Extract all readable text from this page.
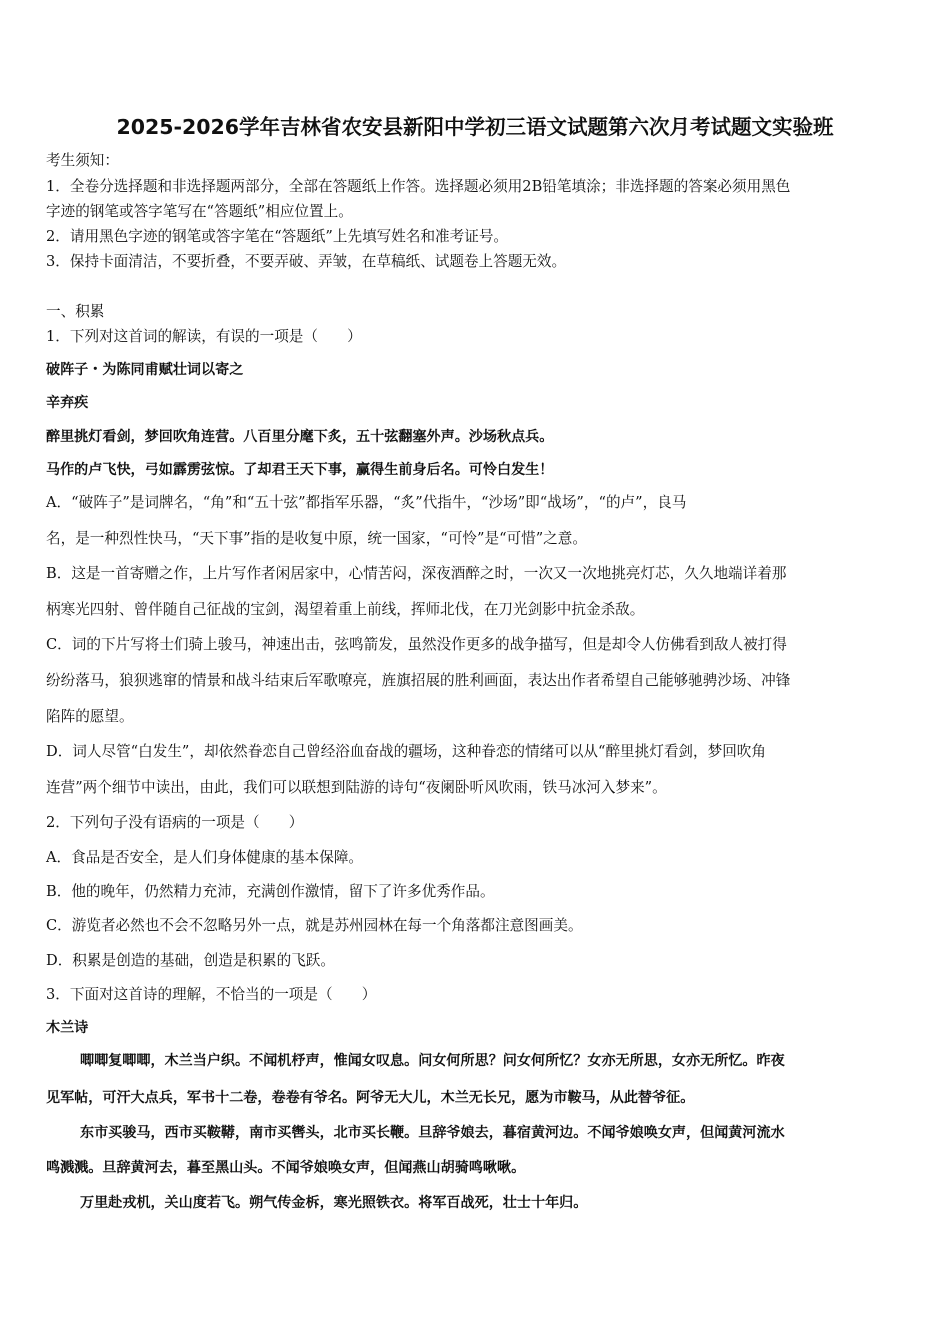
2025-2026学年吉林省农安县新阳中学初三语文试题第六次月考试题文实验班
考生须知：
1．全卷分选择题和非选择题两部分，全部在答题纸上作答。选择题必须用2B铅笔填涂；非选择题的答案必须用黑色
字迹的钢笔或答字笔写在“答题纸”相应位置上。
2．请用黑色字迹的钢笔或答字笔在“答题纸”上先填写姓名和准考证号。
3．保持卡面清洁，不要折叠，不要弄破、弄皱，在草稿纸、试题卷上答题无效。
一、积累
1．下列对这首词的解读，有误的一项是（　　）
破阵子・为陈同甫赋壮词以寄之
辛弃疾
醉里挑灯看剑，梦回吹角连营。八百里分麾下炙，五十弦翻塞外声。沙场秋点兵。
马作的卢飞快，弓如霹雳弦惊。了却君王天下事，赢得生前身后名。可怜白发生！
A．“破阵子”是词牌名，“角”和“五十弦”都指军乐器，“炙”代指牛，“沙场”即“战场”，“的卢”，良马
名，是一种烈性快马，“天下事”指的是收复中原，统一国家，“可怜”是“可惜”之意。
B．这是一首寄赠之作，上片写作者闲居家中，心情苦闷，深夜酒醉之时，一次又一次地挑亮灯芯，久久地端详着那
柄寒光四射、曾伴随自己征战的宝剑，渴望着重上前线，挥师北伐，在刀光剑影中抗金杀敌。
C．词的下片写将士们骑上骏马，神速出击，弦鸣箭发，虽然没作更多的战争描写，但是却令人仿佛看到敌人被打得
纷纷落马，狼狈逃窜的情景和战斗结束后军歌嘹亮，旌旗招展的胜利画面，表达出作者希望自己能够驰骋沙场、冲锋
陷阵的愿望。
D．词人尽管“白发生”，却依然眷恋自己曾经浴血奋战的疆场，这种眷恋的情绪可以从“醉里挑灯看剑，梦回吹角
连营”两个细节中读出，由此，我们可以联想到陆游的诗句“夜阑卧听风吹雨，铁马冰河入梦来”。
2．下列句子没有语病的一项是（　　）
A．食品是否安全，是人们身体健康的基本保障。
B．他的晚年，仍然精力充沛，充满创作激情，留下了许多优秀作品。
C．游览者必然也不会不忽略另外一点，就是苏州园林在每一个角落都注意图画美。
D．积累是创造的基础，创造是积累的飞跃。
3．下面对这首诗的理解，不恰当的一项是（　　）
木兰诗
唧唧复唧唧，木兰当户织。不闻机杼声，惟闻女叹息。问女何所思？问女何所忆？女亦无所思，女亦无所忆。昨夜
见军帖，可汗大点兵，军书十二卷，卷卷有爷名。阿爷无大儿，木兰无长兄，愿为市鞍马，从此替爷征。
东市买骏马，西市买鞍鞯，南市买辔头，北市买长鞭。旦辞爷娘去，暮宿黄河边。不闻爷娘唤女声，但闻黄河流水
鸣溅溅。旦辞黄河去，暮至黑山头。不闻爷娘唤女声，但闻燕山胡骑鸣啾啾。
万里赴戎机，关山度若飞。朔气传金柝，寒光照铁衣。将军百战死，壮士十年归。
